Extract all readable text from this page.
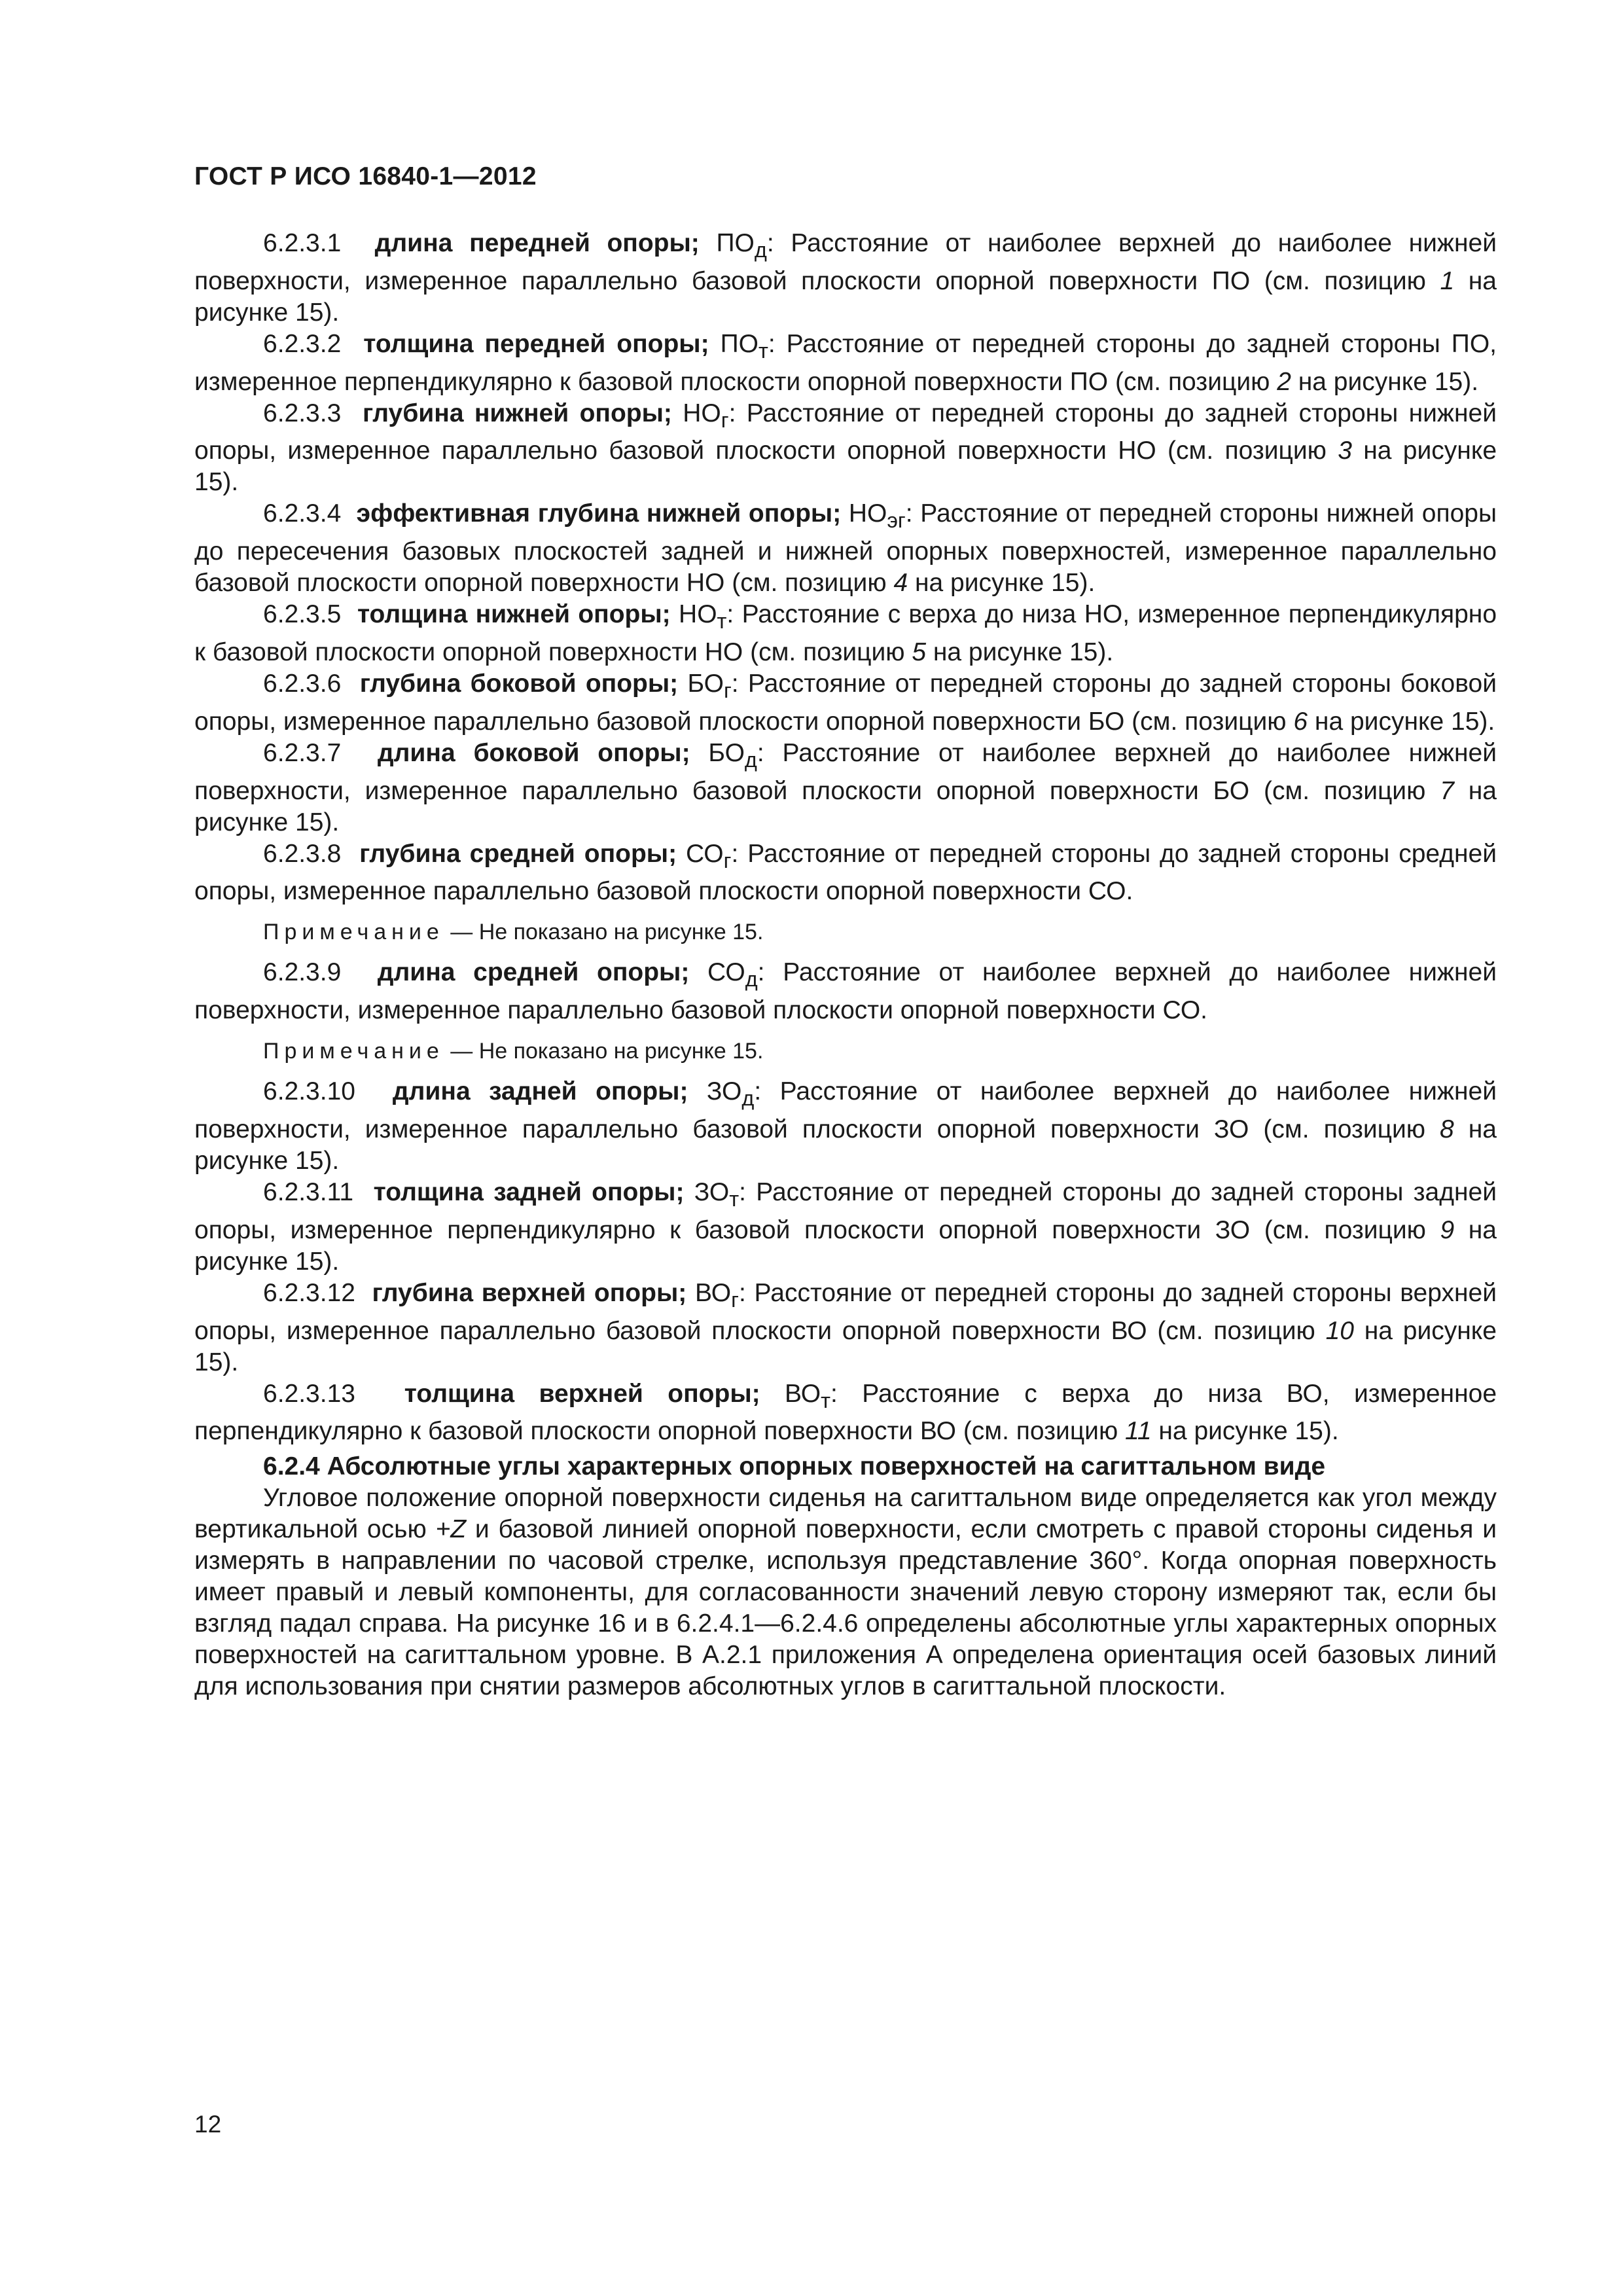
ГОСТ Р ИСО 16840-1—2012

6.2.3.1 длина передней опоры; $ПО_д$: Расстояние от наиболее верхней до наиболее нижней поверхности, измеренное параллельно базовой плоскости опорной поверхности ПО (см. позицию 1 на рисунке 15).

6.2.3.2 толщина передней опоры; $ПО_т$: Расстояние от передней стороны до задней стороны ПО, измеренное перпендикулярно к базовой плоскости опорной поверхности ПО (см. позицию 2 на рисунке 15).

6.2.3.3 глубина нижней опоры; $НО_г$: Расстояние от передней стороны до задней стороны нижней опоры, измеренное параллельно базовой плоскости опорной поверхности НО (см. позицию 3 на рисунке 15).

6.2.3.4 эффективная глубина нижней опоры; $НО_{эг}$: Расстояние от передней стороны нижней опоры до пересечения базовых плоскостей задней и нижней опорных поверхностей, измеренное параллельно базовой плоскости опорной поверхности НО (см. позицию 4 на рисунке 15).

6.2.3.5 толщина нижней опоры; $НО_т$: Расстояние с верха до низа НО, измеренное перпендикулярно к базовой плоскости опорной поверхности НО (см. позицию 5 на рисунке 15).

6.2.3.6 глубина боковой опоры; $БО_г$: Расстояние от передней стороны до задней стороны боковой опоры, измеренное параллельно базовой плоскости опорной поверхности БО (см. позицию 6 на рисунке 15).

6.2.3.7 длина боковой опоры; $БО_д$: Расстояние от наиболее верхней до наиболее нижней поверхности, измеренное параллельно базовой плоскости опорной поверхности БО (см. позицию 7 на рисунке 15).

6.2.3.8 глубина средней опоры; $СО_г$: Расстояние от передней стороны до задней стороны средней опоры, измеренное параллельно базовой плоскости опорной поверхности СО.

Примечание — Не показано на рисунке 15.

6.2.3.9 длина средней опоры; $СО_д$: Расстояние от наиболее верхней до наиболее нижней поверхности, измеренное параллельно базовой плоскости опорной поверхности СО.

Примечание — Не показано на рисунке 15.

6.2.3.10 длина задней опоры; $ЗО_д$: Расстояние от наиболее верхней до наиболее нижней поверхности, измеренное параллельно базовой плоскости опорной поверхности ЗО (см. позицию 8 на рисунке 15).

6.2.3.11 толщина задней опоры; $ЗО_т$: Расстояние от передней стороны до задней стороны задней опоры, измеренное перпендикулярно к базовой плоскости опорной поверхности ЗО (см. позицию 9 на рисунке 15).

6.2.3.12 глубина верхней опоры; $ВО_г$: Расстояние от передней стороны до задней стороны верхней опоры, измеренное параллельно базовой плоскости опорной поверхности ВО (см. позицию 10 на рисунке 15).

6.2.3.13 толщина верхней опоры; $ВО_т$: Расстояние с верха до низа ВО, измеренное перпендикулярно к базовой плоскости опорной поверхности ВО (см. позицию 11 на рисунке 15).

6.2.4 Абсолютные углы характерных опорных поверхностей на сагиттальном виде

Угловое положение опорной поверхности сиденья на сагиттальном виде определяется как угол между вертикальной осью +Z и базовой линией опорной поверхности, если смотреть с правой стороны сиденья и измерять в направлении по часовой стрелке, используя представление 360°. Когда опорная поверхность имеет правый и левый компоненты, для согласованности значений левую сторону измеряют так, если бы взгляд падал справа. На рисунке 16 и в 6.2.4.1—6.2.4.6 определены абсолютные углы характерных опорных поверхностей на сагиттальном уровне. В А.2.1 приложения А определена ориентация осей базовых линий для использования при снятии размеров абсолютных углов в сагиттальной плоскости.

12
